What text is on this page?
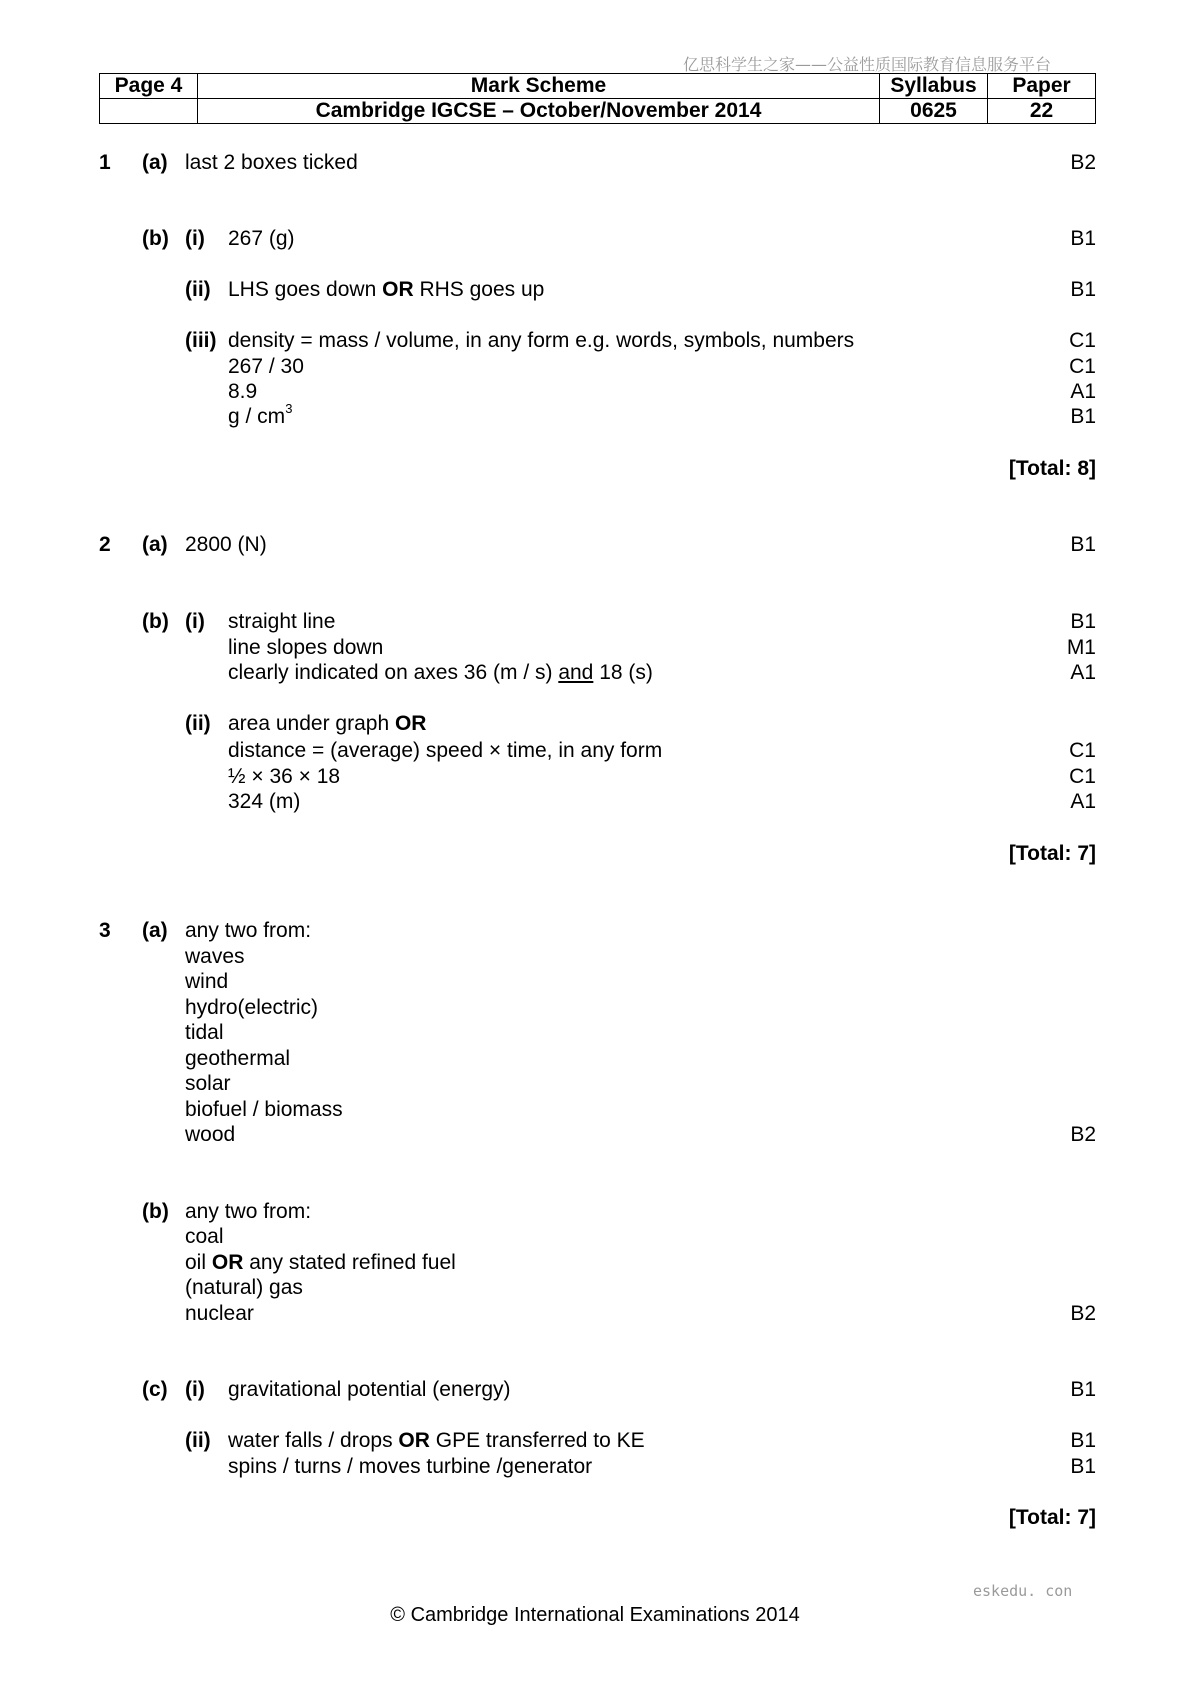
亿思科学生之家——公益性质国际教育信息服务平台
Page 4	Mark Scheme	Syllabus	Paper
	Cambridge IGCSE – October/November 2014	0625	22
1 (a) last 2 boxes ticked	B2
(b) (i) 267 (g)	B1
(ii) LHS goes down OR RHS goes up	B1
(iii) density = mass / volume, in any form e.g. words, symbols, numbers	C1
267 / 30	C1
8.9	A1
g / $cm^3$	B1
[Total: 8]
2 (a) 2800 (N)	B1
(b) (i) straight line	B1
line slopes down	M1
clearly indicated on axes 36 (m / s) and 18 (s)	A1
(ii) area under graph OR
distance = (average) speed × time, in any form	C1
½ × 36 × 18	C1
324 (m)	A1
[Total: 7]
3 (a) any two from:
waves
wind
hydro(electric)
tidal
geothermal
solar
biofuel / biomass
wood	B2
(b) any two from:
coal
oil OR any stated refined fuel
(natural) gas
nuclear	B2
(c) (i) gravitational potential (energy)	B1
(ii) water falls / drops OR GPE transferred to KE	B1
spins / turns / moves turbine /generator	B1
[Total: 7]
eskedu. con
© Cambridge International Examinations 2014
